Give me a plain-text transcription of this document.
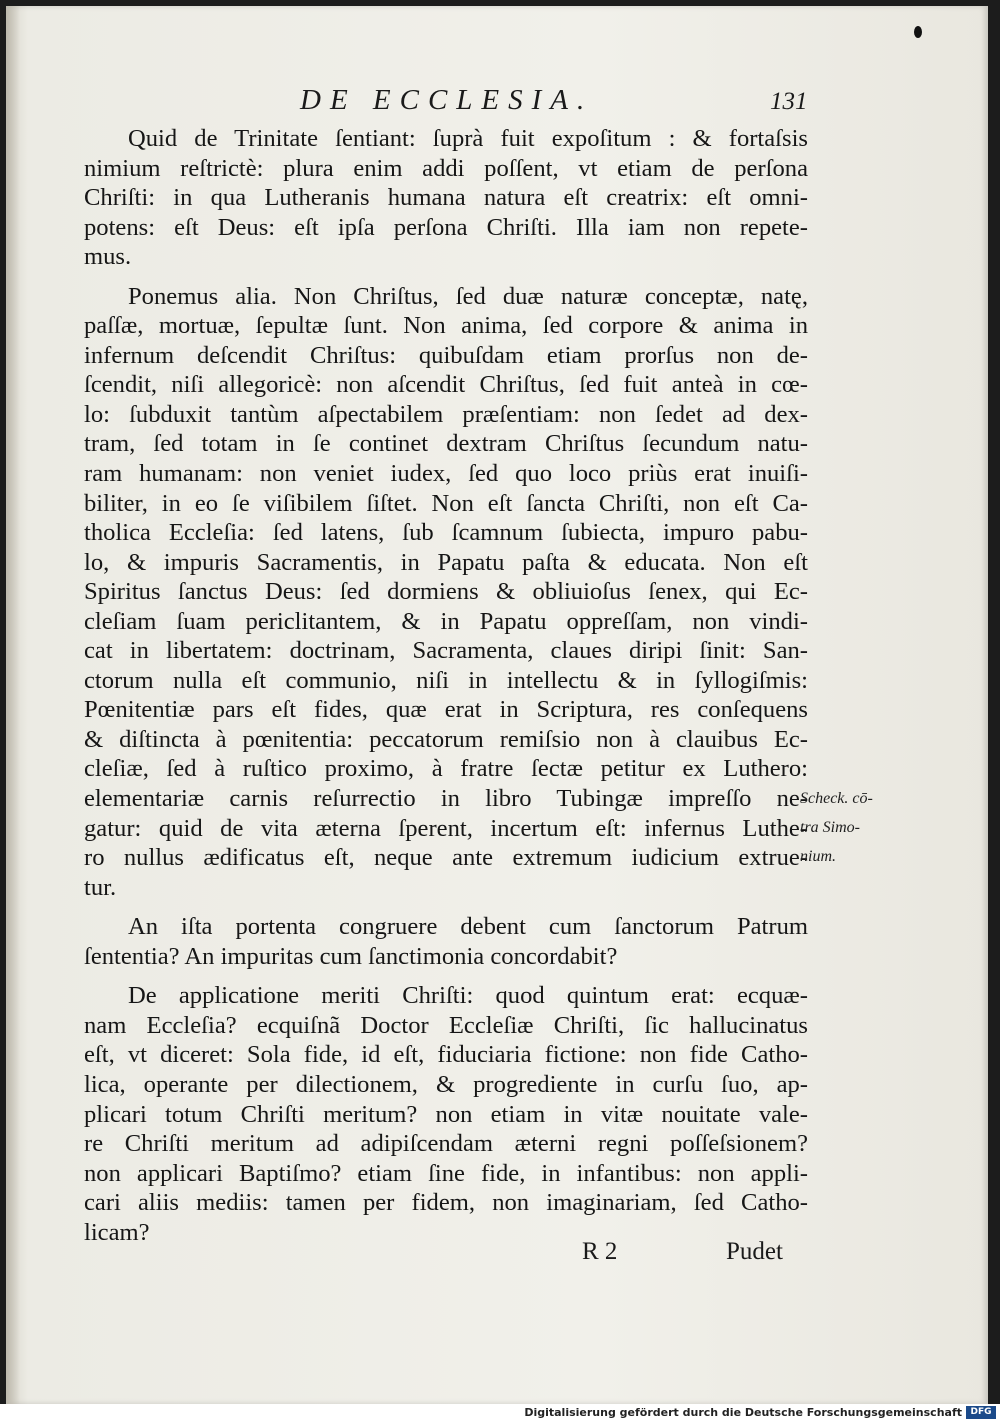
DE ECCLESIA.	131
Quid de Trinitate ſentiant: ſuprà fuit expoſitum : & fortaſsis
nimium reſtrictè: plura enim addi poſſent, vt etiam de perſona
Chriſti: in qua Lutheranis humana natura eſt creatrix: eſt omni-
potens: eſt Deus: eſt ipſa perſona Chriſti. Illa iam non repete-
mus.
Ponemus alia. Non Chriſtus, ſed duæ naturæ conceptæ, natę,
paſſæ, mortuæ, ſepultæ ſunt. Non anima, ſed corpore & anima in
infernum deſcendit Chriſtus: quibuſdam etiam prorſus non de-
ſcendit, niſi allegoricè: non aſcendit Chriſtus, ſed fuit anteà in cœ-
lo: ſubduxit tantùm aſpectabilem præſentiam: non ſedet ad dex-
tram, ſed totam in ſe continet dextram Chriſtus ſecundum natu-
ram humanam: non veniet iudex, ſed quo loco priùs erat inuiſi-
biliter, in eo ſe viſibilem ſiſtet. Non eſt ſancta Chriſti, non eſt Ca-
tholica Eccleſia: ſed latens, ſub ſcamnum ſubiecta, impuro pabu-
lo, & impuris Sacramentis, in Papatu paſta & educata. Non eſt
Spiritus ſanctus Deus: ſed dormiens & obliuioſus ſenex, qui Ec-
cleſiam ſuam periclitantem, & in Papatu oppreſſam, non vindi-
cat in libertatem: doctrinam, Sacramenta, claues diripi ſinit: San-
ctorum nulla eſt communio, niſi in intellectu & in ſyllogiſmis:
Pœnitentiæ pars eſt fides, quæ erat in Scriptura, res conſequens
& diſtincta à pœnitentia: peccatorum remiſsio non à clauibus Ec-
cleſiæ, ſed à ruſtico proximo, à fratre ſectæ petitur ex Luthero:
elementariæ carnis reſurrectio in libro Tubingæ impreſſo ne-
gatur: quid de vita æterna ſperent, incertum eſt: infernus Luthe-
ro nullus ædificatus eſt, neque ante extremum iudicium extrue-
tur.
An iſta portenta congruere debent cum ſanctorum Patrum
ſententia? An impuritas cum ſanctimonia concordabit?
De applicatione meriti Chriſti: quod quintum erat: ecquæ-
nam Eccleſia? ecquiſnã Doctor Eccleſiæ Chriſti, ſic hallucinatus
eſt, vt diceret: Sola fide, id eſt, fiduciaria fictione: non fide Catho-
lica, operante per dilectionem, & progrediente in curſu ſuo, ap-
plicari totum Chriſti meritum? non etiam in vitæ nouitate vale-
re Chriſti meritum ad adipiſcendam æterni regni poſſeſsionem?
non applicari Baptiſmo? etiam ſine fide, in infantibus: non appli-
cari aliis mediis: tamen per fidem, non imaginariam, ſed Catho-
licam?
Scheck. cō-
tra Simo-
nium.
R 2	Pudet
Digitalisierung gefördert durch die Deutsche Forschungsgemeinschaft DFG
